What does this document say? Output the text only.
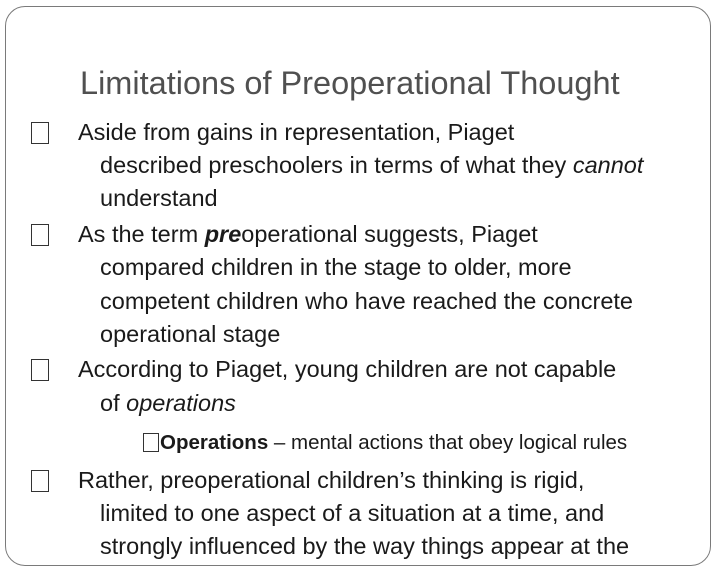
Limitations of Preoperational Thought
Aside from gains in representation, Piaget

described preschoolers in terms of what they cannot
understand
As the term preoperational suggests, Piaget

compared children in the stage to older, more
competent children who have reached the concrete
operational stage
According to Piaget, young children are not capable

of operations
Operations – mental actions that obey logical rules
Rather, preoperational children’s thinking is rigid,

limited to one aspect of a situation at a time, and
strongly influenced by the way things appear at the
